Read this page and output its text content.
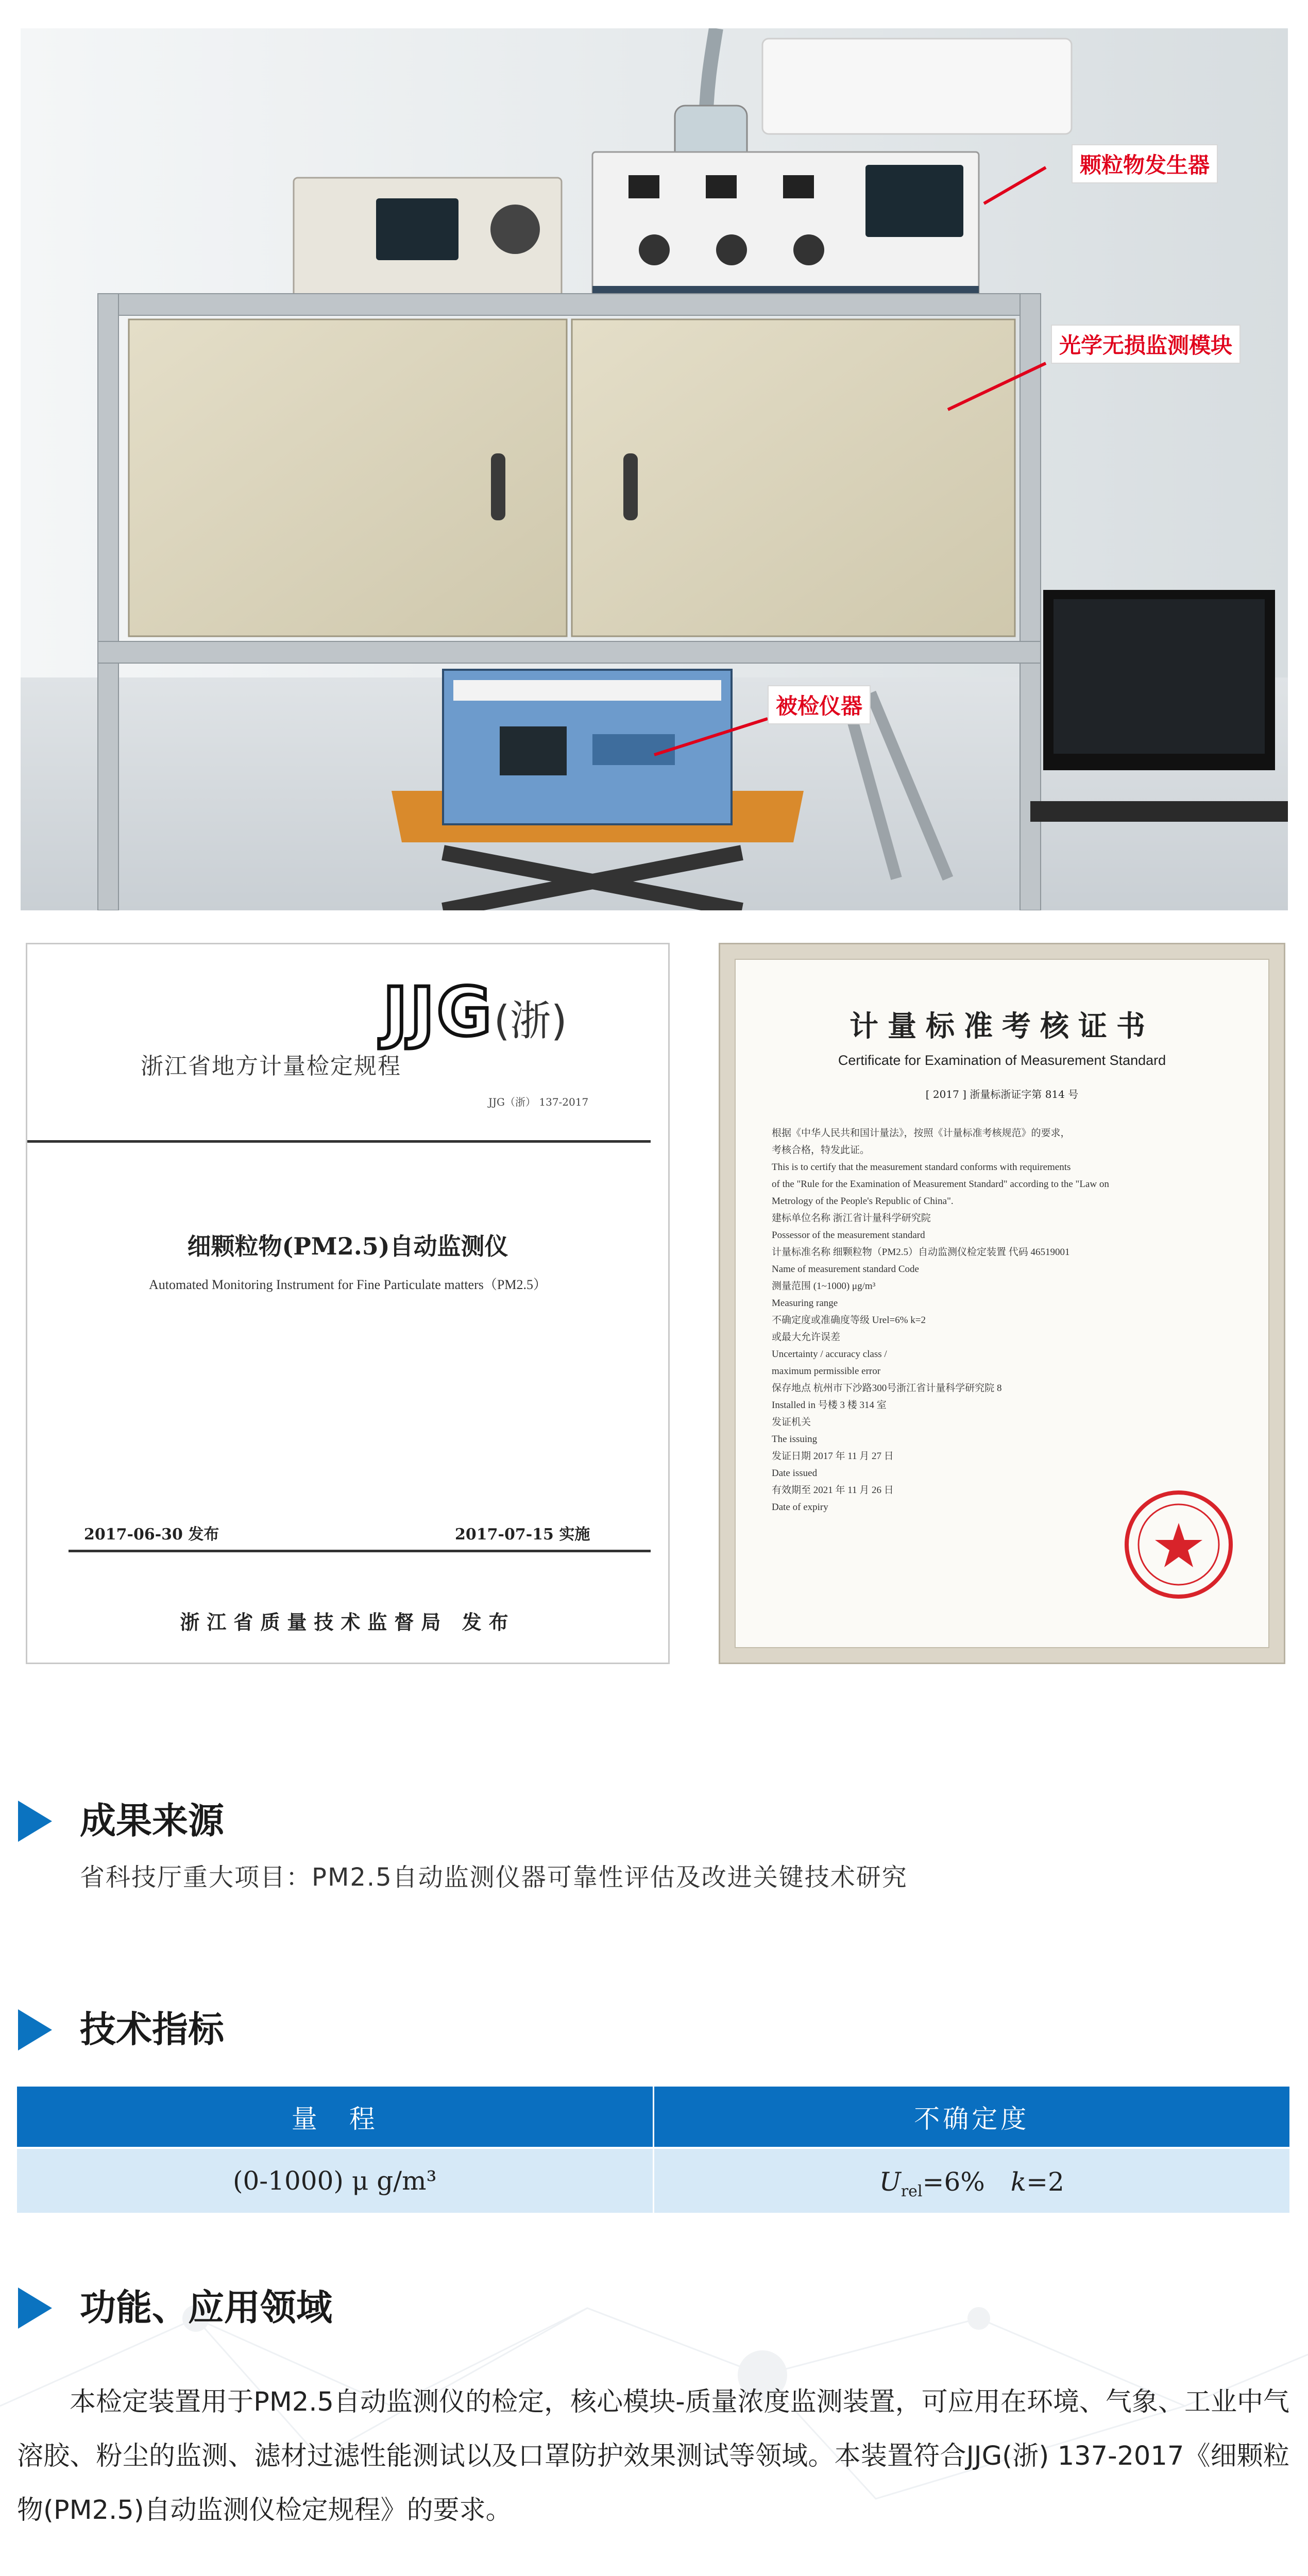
颗粒物发生器
光学无损监测模块
被检仪器
JJG(浙)
浙江省地方计量检定规程
JJG（浙） 137-2017
细颗粒物(PM2.5)自动监测仪
Automated Monitoring Instrument for Fine Particulate matters（PM2.5）
2017-06-30 发布	2017-07-15 实施
浙江省质量技术监督局 发布
计量标准考核证书
Certificate for Examination of Measurement Standard
[ 2017 ] 浙量标浙证字第 814 号
根据《中华人民共和国计量法》，按照《计量标准考核规范》的要求，
考核合格，特发此证。
This is to certify that the measurement standard conforms with requirements
of the "Rule for the Examination of Measurement Standard" according to the "Law on
Metrology of the People's Republic of China".
建标单位名称 浙江省计量科学研究院
Possessor of the measurement standard
计量标准名称 细颗粒物（PM2.5）自动监测仪检定装置 代码 46519001
Name of measurement standard Code
测量范围 (1~1000) μg/m³
Measuring range
不确定度或准确度等级 Urel=6% k=2
或最大允许误差
Uncertainty / accuracy class /
maximum permissible error
保存地点 杭州市下沙路300号浙江省计量科学研究院 8
Installed in 号楼 3 楼 314 室
发证机关
The issuing
发证日期 2017 年 11 月 27 日
Date issued
有效期至 2021 年 11 月 26 日
Date of expiry
成果来源
省科技厅重大项目：PM2.5自动监测仪器可靠性评估及改进关键技术研究
技术指标
量　程	不确定度
(0-1000) μ g/m³	$U_{rel}=6\%$　k=2
功能、应用领域

本检定装置用于PM2.5自动监测仪的检定，核心模块-质量浓度监测装置，可应用在环境、气象、工业中气溶胶、粉尘的监测、滤材过滤性能测试以及口罩防护效果测试等领域。本装置符合JJG(浙) 137-2017《细颗粒物(PM2.5)自动监测仪检定规程》的要求。
